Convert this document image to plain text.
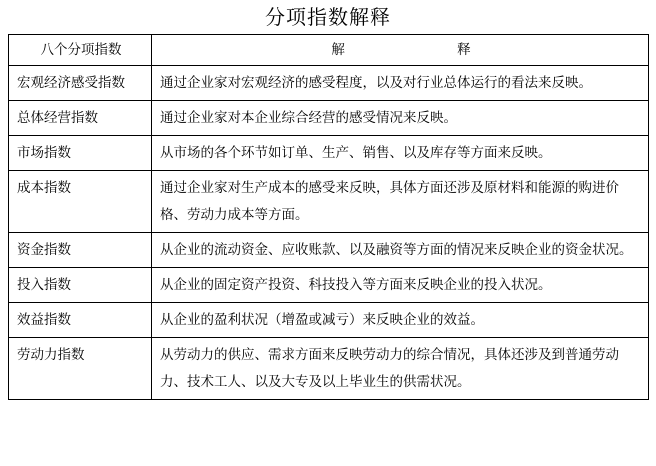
分项指数解释
八个分项指数	解 释
宏观经济感受指数	通过企业家对宏观经济的感受程度，以及对行业总体运行的看法来反映。
总体经营指数	通过企业家对本企业综合经营的感受情况来反映。
市场指数	从市场的各个环节如订单、生产、销售、以及库存等方面来反映。
成本指数	通过企业家对生产成本的感受来反映，具体方面还涉及原材料和能源的购进价格、劳动力成本等方面。
资金指数	从企业的流动资金、应收账款、以及融资等方面的情况来反映企业的资金状况。
投入指数	从企业的固定资产投资、科技投入等方面来反映企业的投入状况。
效益指数	从企业的盈利状况（增盈或减亏）来反映企业的效益。
劳动力指数	从劳动力的供应、需求方面来反映劳动力的综合情况，具体还涉及到普通劳动力、技术工人、以及大专及以上毕业生的供需状况。
